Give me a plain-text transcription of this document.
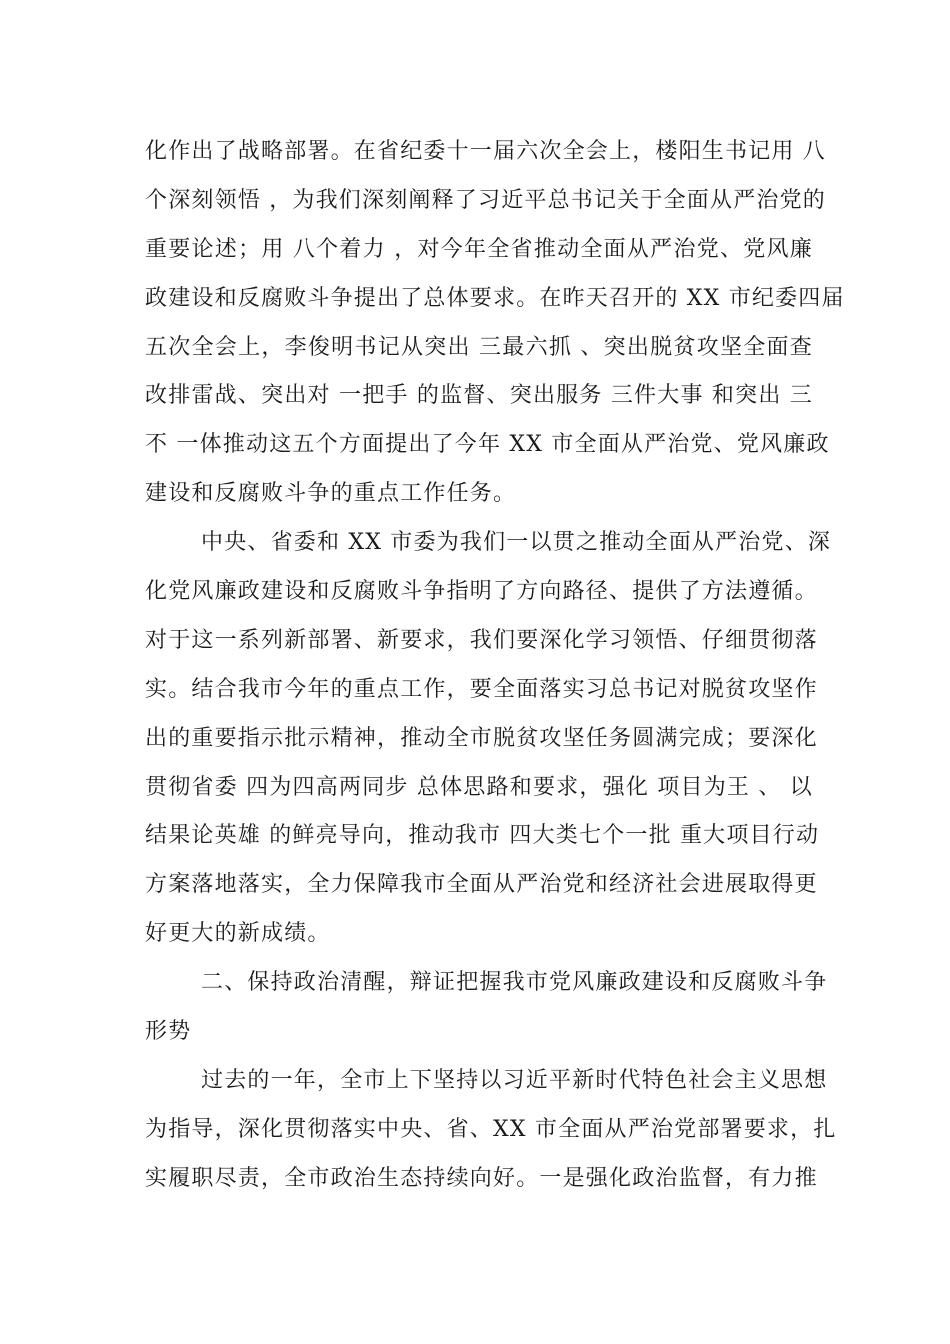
化作出了战略部署。在省纪委十一届六次全会上，楼阳生书记用 八
个深刻领悟 ，为我们深刻阐释了习近平总书记关于全面从严治党的
重要论述；用 八个着力 ，对今年全省推动全面从严治党、党风廉
政建设和反腐败斗争提出了总体要求。在昨天召开的 XX 市纪委四届
五次全会上，李俊明书记从突出 三最六抓 、突出脱贫攻坚全面查
改排雷战、突出对 一把手 的监督、突出服务 三件大事 和突出 三
不 一体推动这五个方面提出了今年 XX 市全面从严治党、党风廉政
建设和反腐败斗争的重点工作任务。
中央、省委和 XX 市委为我们一以贯之推动全面从严治党、深
化党风廉政建设和反腐败斗争指明了方向路径、提供了方法遵循。
对于这一系列新部署、新要求，我们要深化学习领悟、仔细贯彻落
实。结合我市今年的重点工作，要全面落实习总书记对脱贫攻坚作
出的重要指示批示精神，推动全市脱贫攻坚任务圆满完成；要深化
贯彻省委 四为四高两同步 总体思路和要求，强化 项目为王 、 以
结果论英雄 的鲜亮导向，推动我市 四大类七个一批 重大项目行动
方案落地落实，全力保障我市全面从严治党和经济社会进展取得更
好更大的新成绩。
二、保持政治清醒，辩证把握我市党风廉政建设和反腐败斗争
形势
过去的一年，全市上下坚持以习近平新时代特色社会主义思想
为指导，深化贯彻落实中央、省、XX 市全面从严治党部署要求，扎
实履职尽责，全市政治生态持续向好。一是强化政治监督，有力推
